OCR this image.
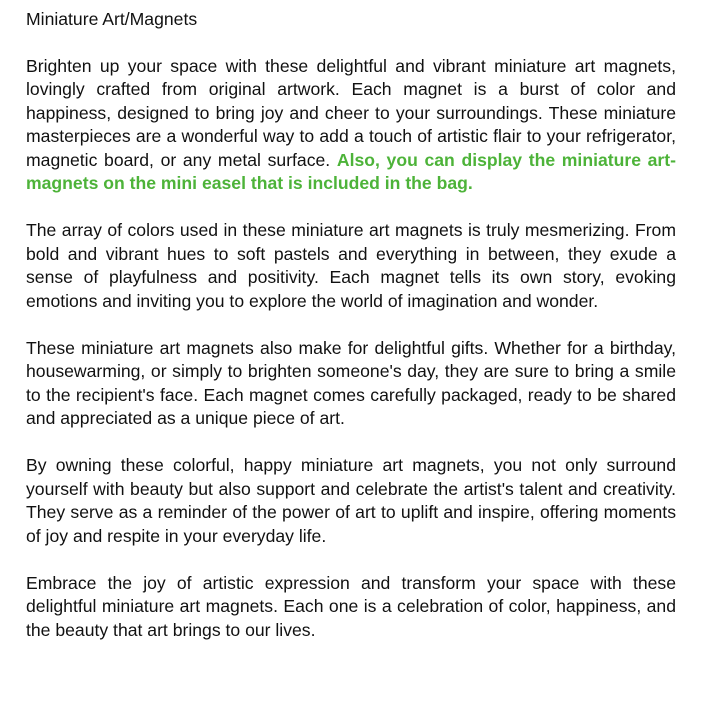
Miniature Art/Magnets

Brighten up your space with these delightful and vibrant miniature art magnets, lovingly crafted from original artwork. Each magnet is a burst of color and happiness, designed to bring joy and cheer to your surroundings. These miniature masterpieces are a wonderful way to add a touch of artistic flair to your refrigerator, magnetic board, or any metal surface. Also, you can display the miniature art-magnets on the mini easel that is included in the bag.

The array of colors used in these miniature art magnets is truly mesmerizing. From bold and vibrant hues to soft pastels and everything in between, they exude a sense of playfulness and positivity. Each magnet tells its own story, evoking emotions and inviting you to explore the world of imagination and wonder.

These miniature art magnets also make for delightful gifts. Whether for a birthday, housewarming, or simply to brighten someone's day, they are sure to bring a smile to the recipient's face. Each magnet comes carefully packaged, ready to be shared and appreciated as a unique piece of art.

By owning these colorful, happy miniature art magnets, you not only surround yourself with beauty but also support and celebrate the artist's talent and creativity. They serve as a reminder of the power of art to uplift and inspire, offering moments of joy and respite in your everyday life.

Embrace the joy of artistic expression and transform your space with these delightful miniature art magnets. Each one is a celebration of color, happiness, and the beauty that art brings to our lives.
